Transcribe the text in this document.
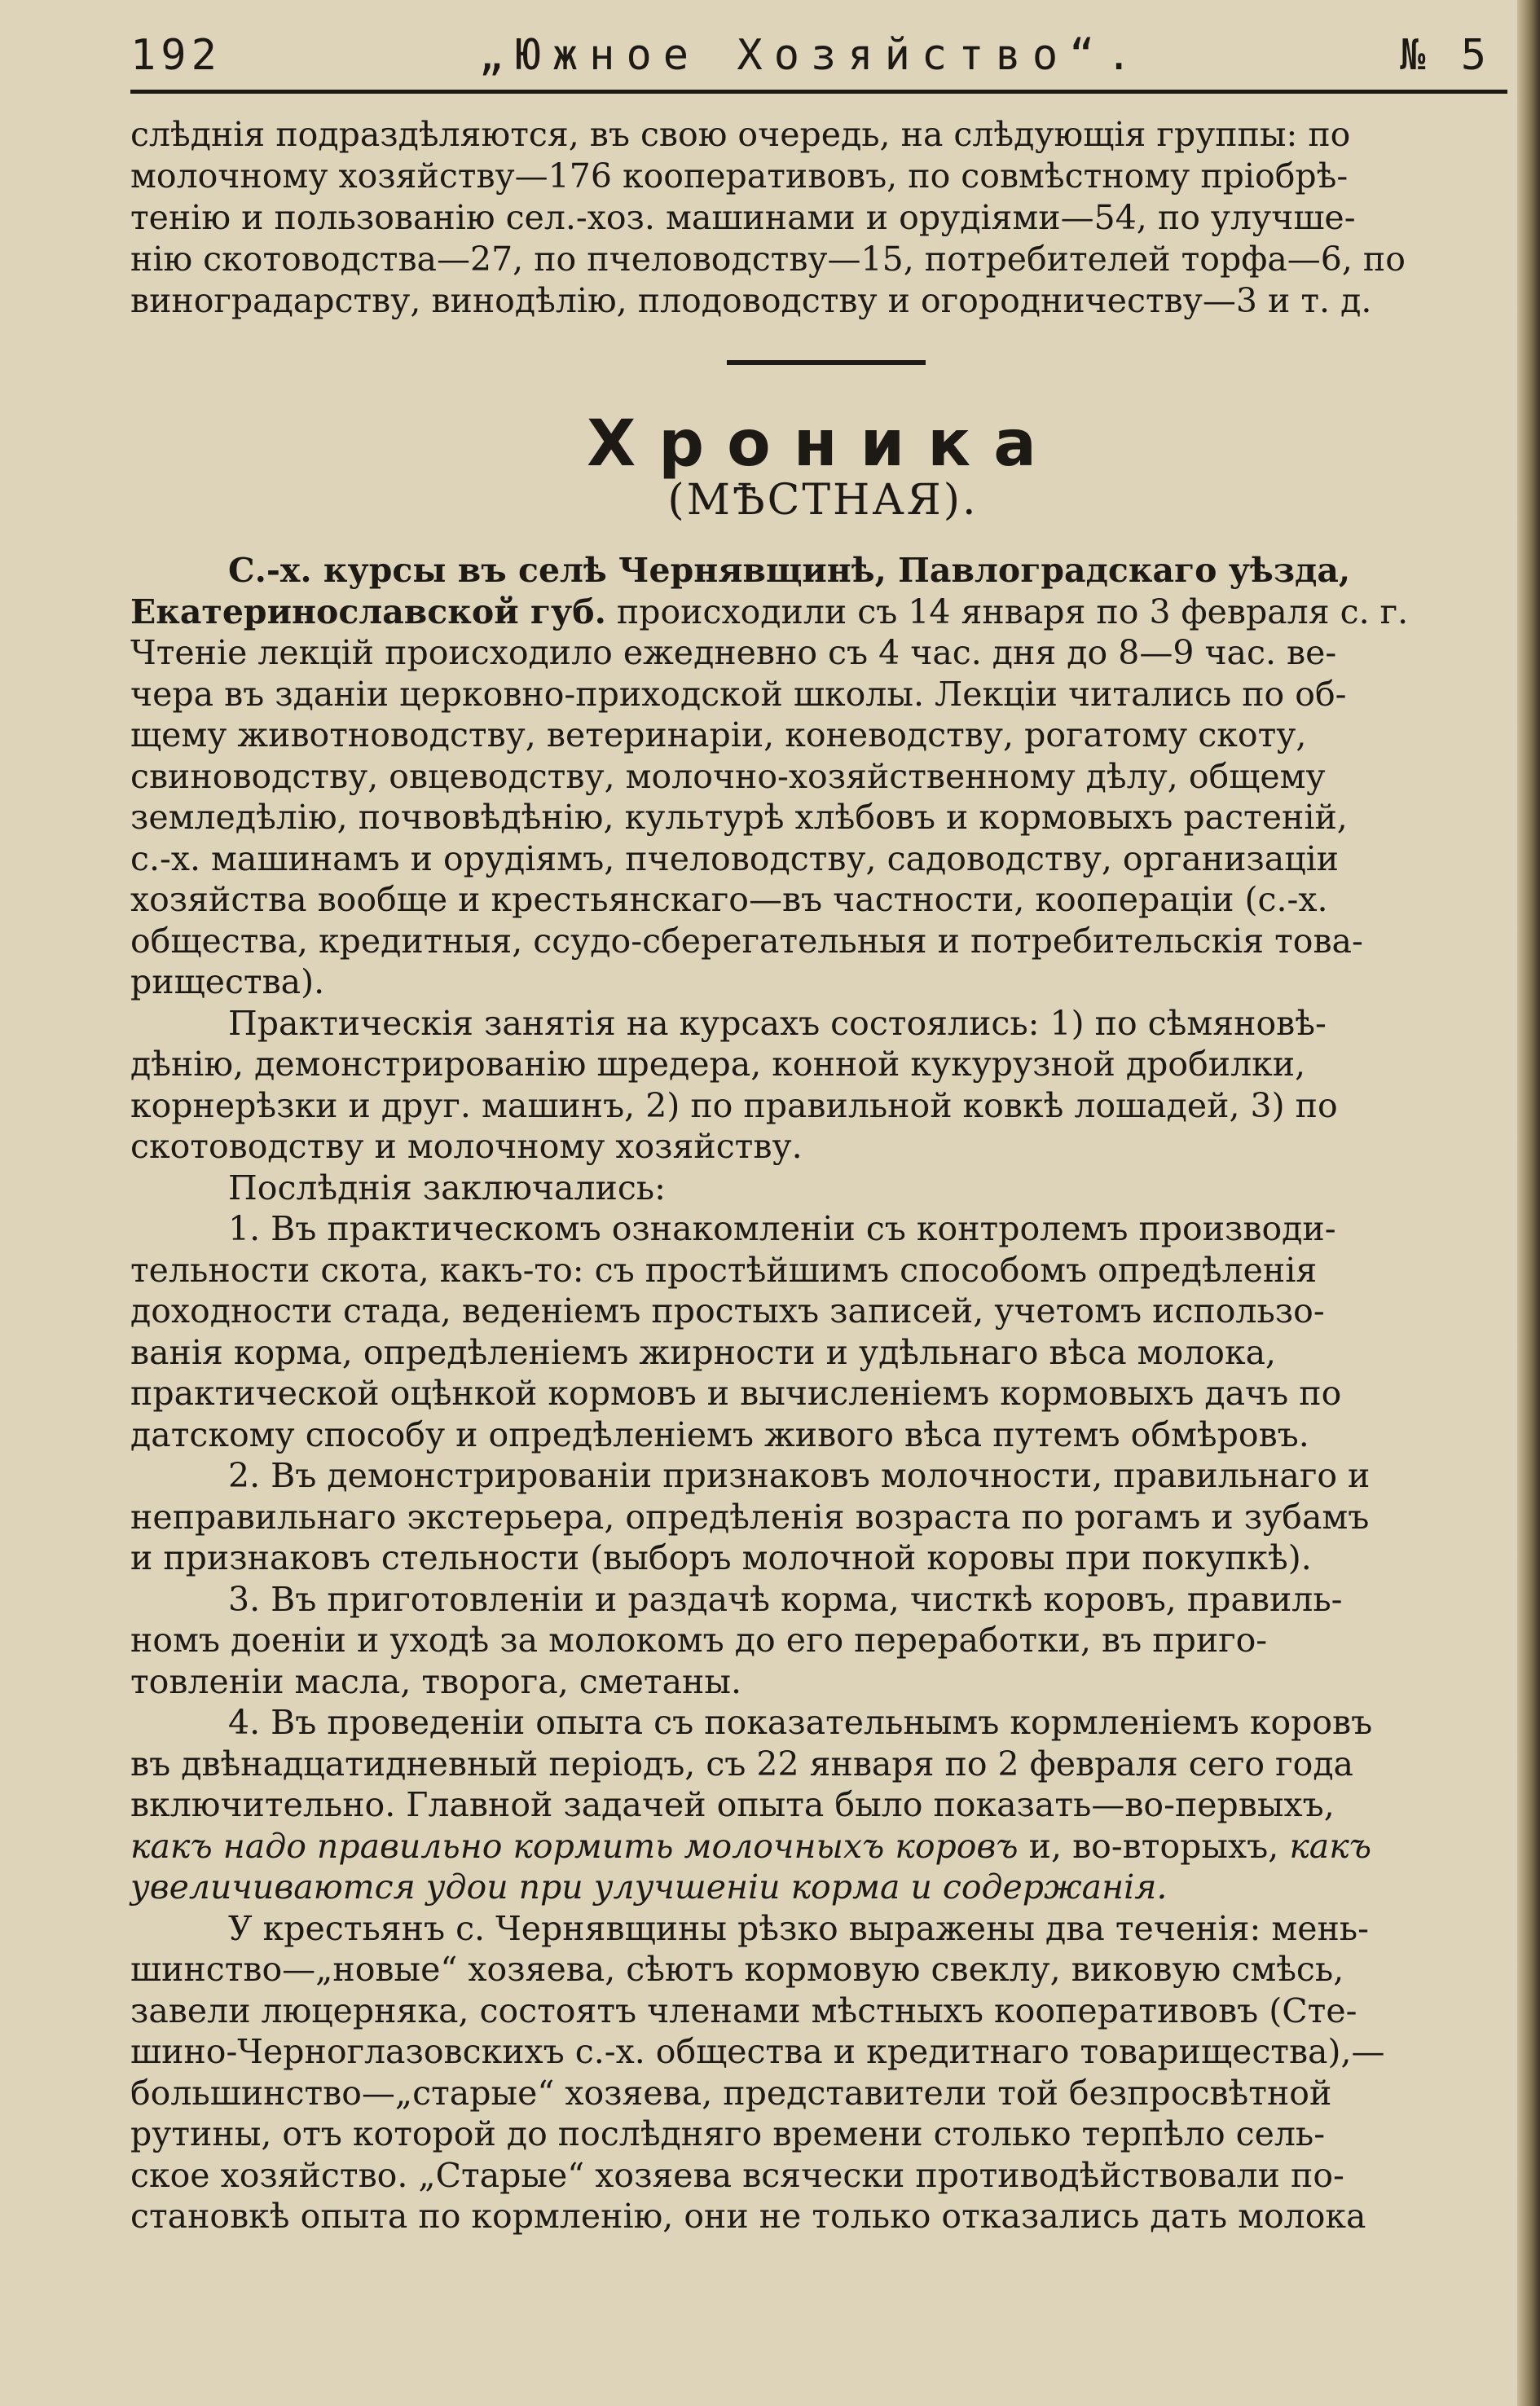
192	„Южное Хозяйство“.	№ 5

слѣднія подраздѣляются, въ свою очередь, на слѣдующія группы: по

молочному хозяйству—176 кооперативовъ, по совмѣстному пріобрѣ-

тенію и пользованію сел.-хоз. машинами и орудіями—54, по улучше-

нію скотоводства—27, по пчеловодству—15, потребителей торфа—6, по

виноградарству, винодѣлію, плодоводству и огородничеству—3 и т. д.

Хроника
(МѢСТНАЯ).

С.-х. курсы въ селѣ Чернявщинѣ, Павлоградскаго уѣзда,

Екатеринославской губ. происходили съ 14 января по 3 февраля с. г.

Чтеніе лекцій происходило ежедневно съ 4 час. дня до 8—9 час. ве-

чера въ зданіи церковно-приходской школы. Лекціи читались по об-

щему животноводству, ветеринаріи, коневодству, рогатому скоту,

свиноводству, овцеводству, молочно-хозяйственному дѣлу, общему

земледѣлію, почвовѣдѣнію, культурѣ хлѣбовъ и кормовыхъ растеній,

с.-х. машинамъ и орудіямъ, пчеловодству, садоводству, организаціи

хозяйства вообще и крестьянскаго—въ частности, коопераціи (с.-х.

общества, кредитныя, ссудо-сберегательныя и потребительскія това-

рищества).

Практическія занятія на курсахъ состоялись: 1) по сѣмяновѣ-

дѣнію, демонстрированію шредера, конной кукурузной дробилки,

корнерѣзки и друг. машинъ, 2) по правильной ковкѣ лошадей, 3) по

скотоводству и молочному хозяйству.

Послѣднія заключались:

1. Въ практическомъ ознакомленіи съ контролемъ производи-

тельности скота, какъ-то: съ простѣйшимъ способомъ опредѣленія

доходности стада, веденіемъ простыхъ записей, учетомъ использо-

ванія корма, опредѣленіемъ жирности и удѣльнаго вѣса молока,

практической оцѣнкой кормовъ и вычисленіемъ кормовыхъ дачъ по

датскому способу и опредѣленіемъ живого вѣса путемъ обмѣровъ.

2. Въ демонстрированіи признаковъ молочности, правильнаго и

неправильнаго экстерьера, опредѣленія возраста по рогамъ и зубамъ

и признаковъ стельности (выборъ молочной коровы при покупкѣ).

3. Въ приготовленіи и раздачѣ корма, чисткѣ коровъ, правиль-

номъ доеніи и уходѣ за молокомъ до его переработки, въ приго-

товленіи масла, творога, сметаны.

4. Въ проведеніи опыта съ показательнымъ кормленіемъ коровъ

въ двѣнадцатидневный періодъ, съ 22 января по 2 февраля сего года

включительно. Главной задачей опыта было показать—во-первыхъ,

какъ надо правильно кормить молочныхъ коровъ и, во-вторыхъ, какъ

увеличиваются удои при улучшеніи корма и содержанія.

У крестьянъ с. Чернявщины рѣзко выражены два теченія: мень-

шинство—„новые“ хозяева, сѣютъ кормовую свеклу, виковую смѣсь,

завели люцерняка, состоятъ членами мѣстныхъ кооперативовъ (Сте-

шино-Черноглазовскихъ с.-х. общества и кредитнаго товарищества),—

большинство—„старые“ хозяева, представители той безпросвѣтной

рутины, отъ которой до послѣдняго времени столько терпѣло сель-

ское хозяйство. „Старые“ хозяева всячески противодѣйствовали по-

становкѣ опыта по кормленію, они не только отказались дать молока
